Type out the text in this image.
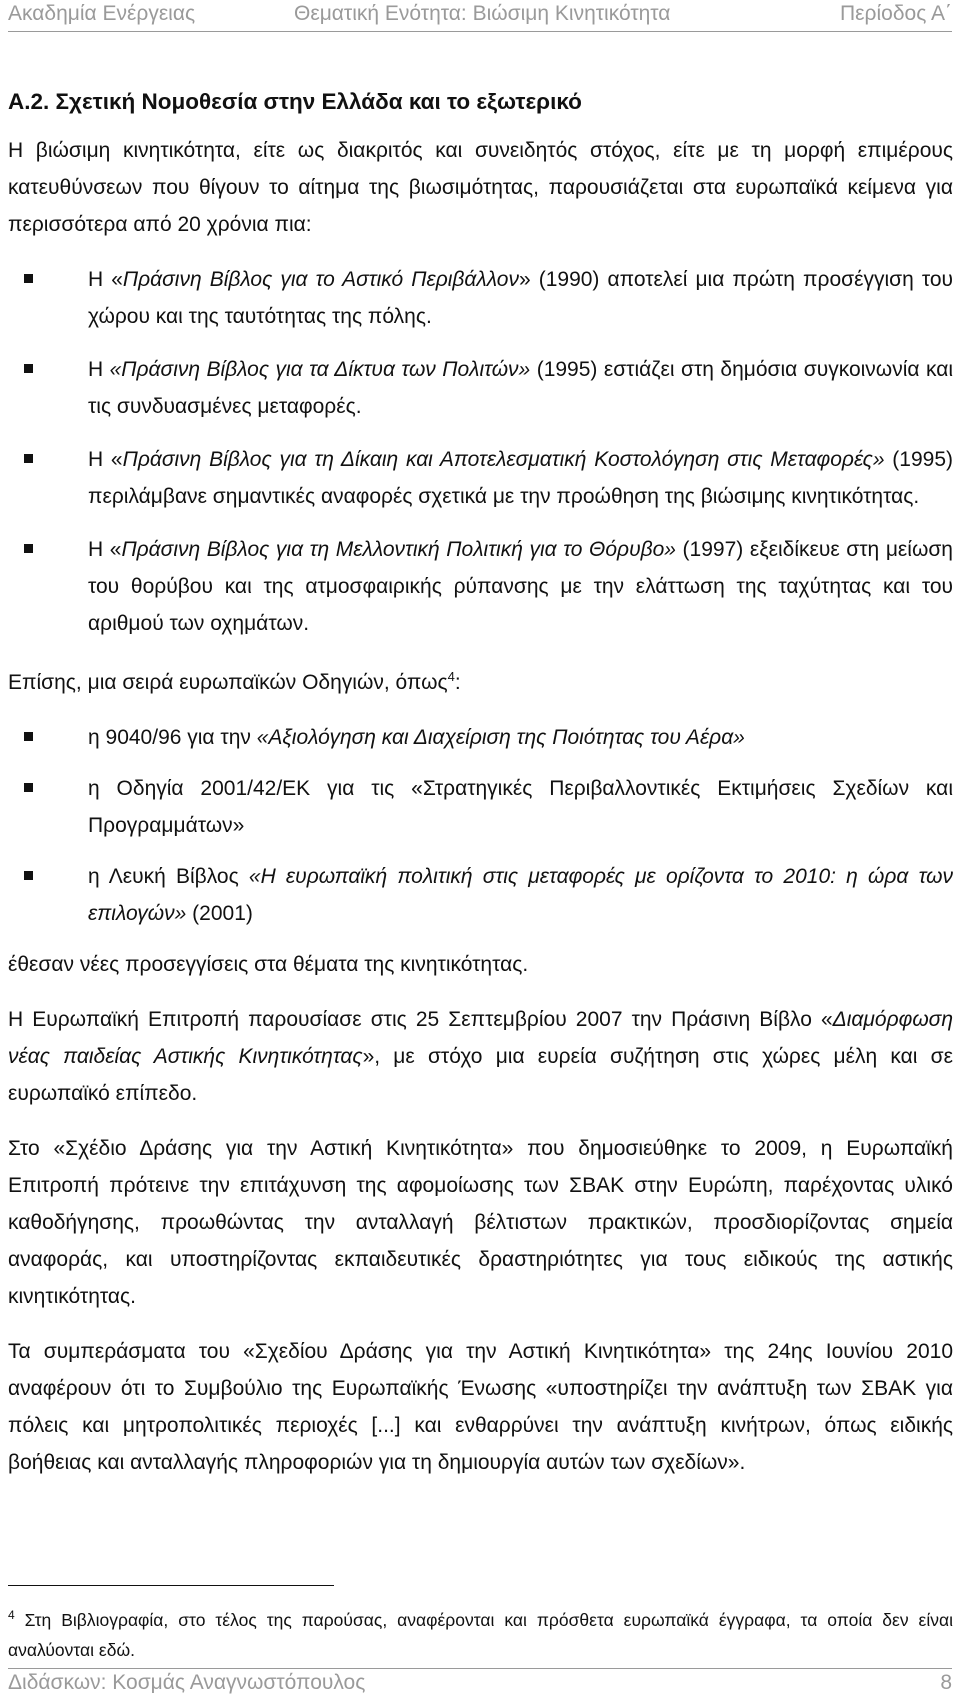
Ακαδημία Ενέργειας	Θεματική Ενότητα: Βιώσιμη Κινητικότητα	Περίοδος Α΄
A.2. Σχετική Νομοθεσία στην Ελλάδα και το εξωτερικό

Η βιώσιμη κινητικότητα, είτε ως διακριτός και συνειδητός στόχος, είτε με τη μορφή επιμέρους κατευθύνσεων που θίγουν το αίτημα της βιωσιμότητας, παρουσιάζεται στα ευρωπαϊκά κείμενα για περισσότερα από 20 χρόνια πια:

Η «Πράσινη Βίβλος για το Αστικό Περιβάλλον» (1990) αποτελεί μια πρώτη προσέγγιση του χώρου και της ταυτότητας της πόλης.
Η «Πράσινη Βίβλος για τα Δίκτυα των Πολιτών» (1995) εστιάζει στη δημόσια συγκοινωνία και τις συνδυασμένες μεταφορές.
Η «Πράσινη Βίβλος για τη Δίκαιη και Αποτελεσματική Κοστολόγηση στις Μεταφορές» (1995) περιλάμβανε σημαντικές αναφορές σχετικά με την προώθηση της βιώσιμης κινητικότητας.
Η «Πράσινη Βίβλος για τη Μελλοντική Πολιτική για το Θόρυβο» (1997) εξειδίκευε στη μείωση του θορύβου και της ατμοσφαιρικής ρύπανσης με την ελάττωση της ταχύτητας και του αριθμού των οχημάτων.

Επίσης, μια σειρά ευρωπαϊκών Οδηγιών, όπως$^4$:

η 9040/96 για την «Αξιολόγηση και Διαχείριση της Ποιότητας του Αέρα»
η Οδηγία 2001/42/ΕΚ για τις «Στρατηγικές Περιβαλλοντικές Εκτιμήσεις Σχεδίων και Προγραμμάτων»
η Λευκή Βίβλος «Η ευρωπαϊκή πολιτική στις μεταφορές με ορίζοντα το 2010: η ώρα των επιλογών» (2001)

έθεσαν νέες προσεγγίσεις στα θέματα της κινητικότητας.

Η Ευρωπαϊκή Επιτροπή παρουσίασε στις 25 Σεπτεμβρίου 2007 την Πράσινη Βίβλο «Διαμόρφωση νέας παιδείας Αστικής Κινητικότητας», με στόχο μια ευρεία συζήτηση στις χώρες μέλη και σε ευρωπαϊκό επίπεδο.

Στο «Σχέδιο Δράσης για την Αστική Κινητικότητα» που δημοσιεύθηκε το 2009, η Ευρωπαϊκή Επιτροπή πρότεινε την επιτάχυνση της αφομοίωσης των ΣΒΑΚ στην Ευρώπη, παρέχοντας υλικό καθοδήγησης, προωθώντας την ανταλλαγή βέλτιστων πρακτικών, προσδιορίζοντας σημεία αναφοράς, και υποστηρίζοντας εκπαιδευτικές δραστηριότητες για τους ειδικούς της αστικής κινητικότητας.

Τα συμπεράσματα του «Σχεδίου Δράσης για την Αστική Κινητικότητα» της 24ης Ιουνίου 2010 αναφέρουν ότι το Συμβούλιο της Ευρωπαϊκής Ένωσης «υποστηρίζει την ανάπτυξη των ΣΒΑΚ για πόλεις και μητροπολιτικές περιοχές [...] και ενθαρρύνει την ανάπτυξη κινήτρων, όπως ειδικής βοήθειας και ανταλλαγής πληροφοριών για τη δημιουργία αυτών των σχεδίων».

$^4$ Στη Βιβλιογραφία, στο τέλος της παρούσας, αναφέρονται και πρόσθετα ευρωπαϊκά έγγραφα, τα οποία δεν είναι αναλύονται εδώ.
Διδάσκων: Κοσμάς Αναγνωστόπουλος	8
